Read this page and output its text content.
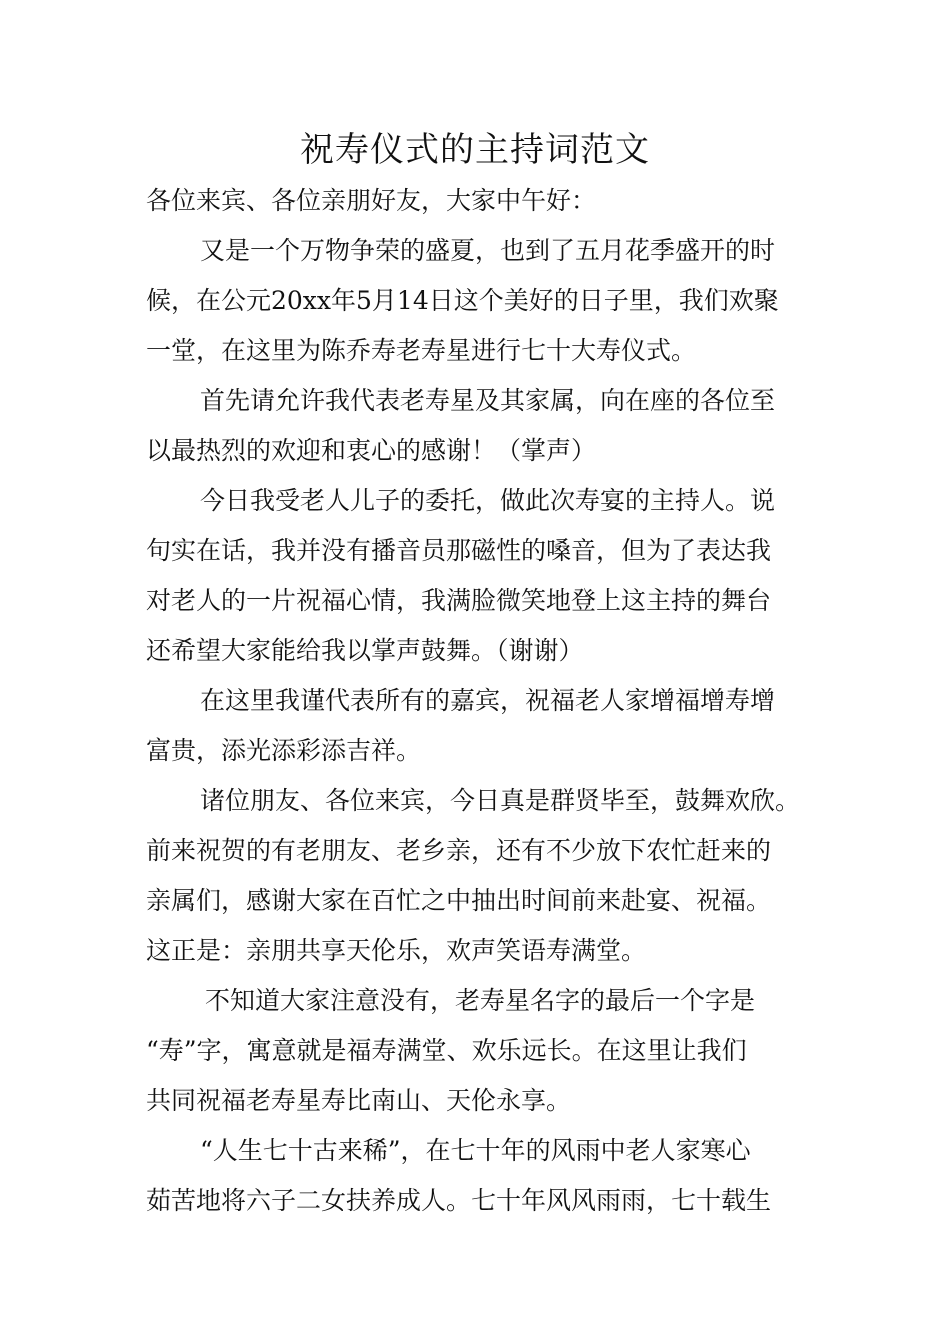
祝寿仪式的主持词范文

各位来宾、各位亲朋好友，大家中午好：

又是一个万物争荣的盛夏，也到了五月花季盛开的时

候，在公元20xx年5月14日这个美好的日子里，我们欢聚

一堂，在这里为陈乔寿老寿星进行七十大寿仪式。

首先请允许我代表老寿星及其家属，向在座的各位至

以最热烈的欢迎和衷心的感谢！（掌声）

今日我受老人儿子的委托，做此次寿宴的主持人。说

句实在话，我并没有播音员那磁性的嗓音，但为了表达我

对老人的一片祝福心情，我满脸微笑地登上这主持的舞台

还希望大家能给我以掌声鼓舞。（谢谢）

在这里我谨代表所有的嘉宾，祝福老人家增福增寿增

富贵，添光添彩添吉祥。

诸位朋友、各位来宾，今日真是群贤毕至，鼓舞欢欣。

前来祝贺的有老朋友、老乡亲，还有不少放下农忙赶来的

亲属们，感谢大家在百忙之中抽出时间前来赴宴、祝福。

这正是：亲朋共享天伦乐，欢声笑语寿满堂。

不知道大家注意没有，老寿星名字的最后一个字是

“寿”字，寓意就是福寿满堂、欢乐远长。在这里让我们

共同祝福老寿星寿比南山、天伦永享。

“人生七十古来稀”，在七十年的风雨中老人家寒心

茹苦地将六子二女扶养成人。七十年风风雨雨，七十载生
